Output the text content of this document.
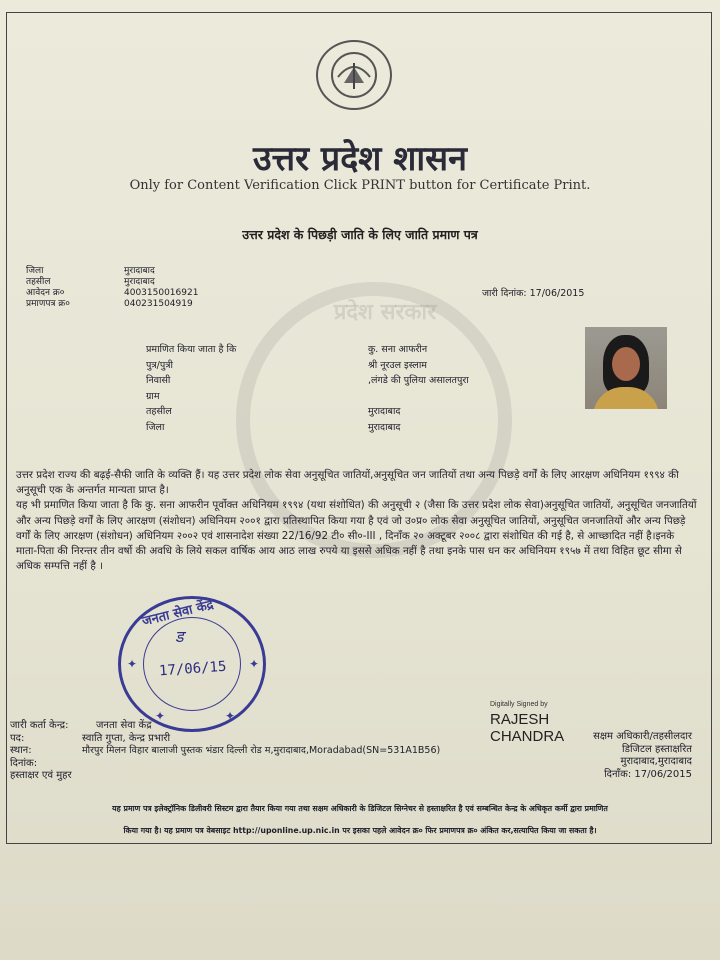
प्रदेश सरकार
उत्तर प्रदेश शासन
Only for Content Verification Click PRINT button for Certificate Print.
उत्तर प्रदेश के पिछड़ी जाति के लिए जाति प्रमाण पत्र
जिला	मुरादाबाद
तहसील	मुरादाबाद
आवेदन क्र०	4003150016921
प्रमाणपत्र क्र०	040231504919
जारी दिनांक: 17/06/2015
प्रमाणित किया जाता है कि	कु. सना आफरीन
पुत्र/पुत्री	श्री नूरउल इस्लाम
निवासी	,लंगडे की पुलिया असालतपुरा
ग्राम
तहसील	मुरादाबाद
जिला	मुरादाबाद

उत्तर प्रदेश राज्य की बढ़ई-सैफी जाति के व्यक्ति हैं। यह उत्तर प्रदेश लोक सेवा अनुसूचित जातियों,अनुसूचित जन जातियों तथा अन्य पिछड़े वर्गों के लिए आरक्षण अधिनियम १९९४ की अनुसूची एक के अन्तर्गत मान्यता प्राप्त है।

यह भी प्रमाणित किया जाता है कि कु. सना आफरीन पूर्वोक्त अधिनियम १९९४ (यथा संशोधित) की अनुसूची २ (जैसा कि उत्तर प्रदेश लोक सेवा)अनुसूचित जातियों, अनुसूचित जनजातियों और अन्य पिछड़े वर्गों के लिए आरक्षण (संशोधन) अधिनियम २००१ द्वारा प्रतिस्थापित किया गया है एवं जो उ०प्र० लोक सेवा अनुसूचित जातियों, अनुसूचित जनजातियों और अन्य पिछड़े वर्गों के लिए आरक्षण (संशोधन) अधिनियम २००२ एवं शासनादेश संख्या 22/16/92 टी० सी०-III , दिनाँक २० अक्टूबर २००८ द्वारा संशोधित की गई है, से आच्छादित नहीं है।इनके माता-पिता की निरन्तर तीन वर्षो की अवधि के लिये सकल वार्षिक आय आठ लाख रुपये या इससे अधिक नहीं है तथा इनके पास धन कर अधिनियम १९५७ में तथा विहित छूट सीमा से अधिक सम्पत्ति नहीं है ।

जनता सेवा केंद्र
ड
17/06/15
✦	✦
✦	✦
जारी कर्ता केन्द्र:	जनता सेवा केंद्र
पद:	स्वाति गुप्ता, केन्द्र प्रभारी
स्थान:	मौरपुर मिलन विहार बालाजी पुस्तक भंडार दिल्ली रोड म,मुरादाबाद,Moradabad(SN=531A1B56)
दिनांक:
हस्ताक्षर एवं मुहर
Digitally Signed by
RAJESH
CHANDRA	सक्षम अधिकारी/तहसीलदार
डिजिटल हस्ताक्षरित
मुरादाबाद,मुरादाबाद
दिनाँक: 17/06/2015
यह प्रमाण पत्र इलेक्ट्रॉनिक डिलीवरी सिस्टम द्वारा तैयार किया गया तथा सक्षम अधिकारी के डिजिटल सिग्नेचर से हस्ताक्षरित है एवं सम्बन्धित केन्द्र के अधिकृत कर्मी द्वारा प्रमाणित
किया गया है। यह प्रमाण पत्र वेबसाइट http://uponline.up.nic.in पर इसका पहले आवेदन क्र० फिर प्रमाणपत्र क्र० अंकित कर,सत्यापित किया जा सकता है।
